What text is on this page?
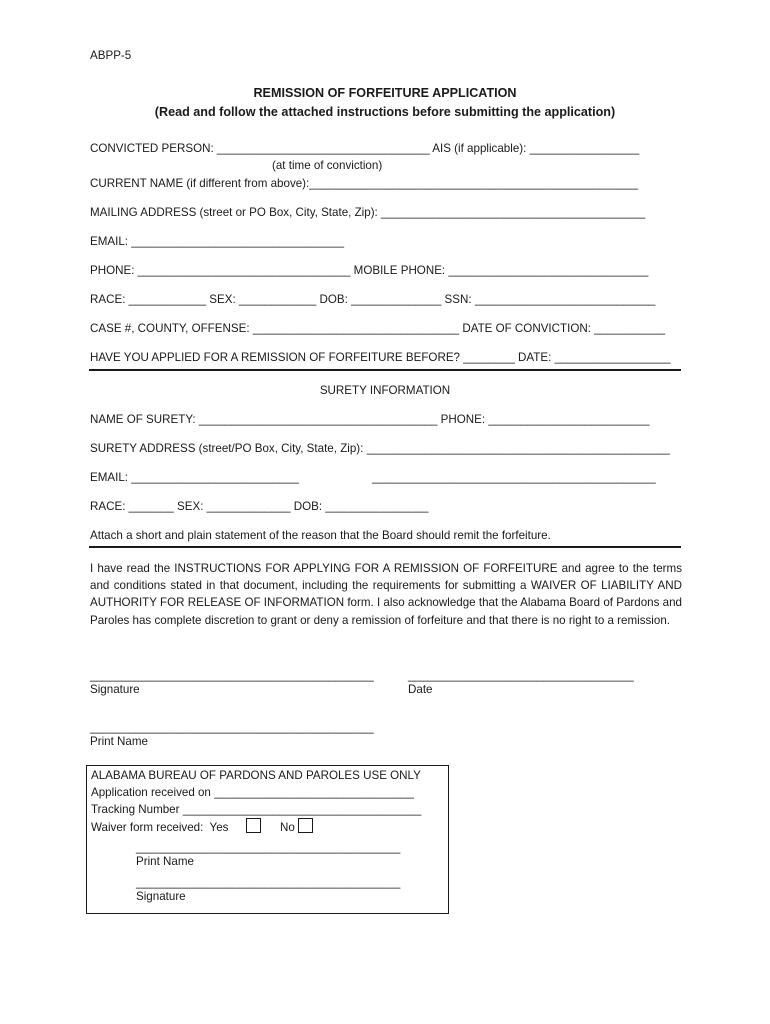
ABPP-5
REMISSION OF FORFEITURE APPLICATION
(Read and follow the attached instructions before submitting the application)
CONVICTED PERSON: _________________________________ AIS (if applicable): _________________
(at time of conviction)
CURRENT NAME (if different from above):___________________________________________________
MAILING ADDRESS (street or PO Box, City, State, Zip): _________________________________________
EMAIL: _________________________________
PHONE: _________________________________ MOBILE PHONE: _______________________________
RACE: ____________ SEX: ____________ DOB: ______________ SSN: ____________________________
CASE #, COUNTY, OFFENSE: ________________________________ DATE OF CONVICTION: ___________
HAVE YOU APPLIED FOR A REMISSION OF FORFEITURE BEFORE? ________ DATE: __________________
SURETY INFORMATION
NAME OF SURETY: _____________________________________ PHONE: _________________________
SURETY ADDRESS (street/PO Box, City, State, Zip): _______________________________________________
EMAIL: __________________________	____________________________________________
RACE: _______ SEX: _____________ DOB: ________________
Attach a short and plain statement of the reason that the Board should remit the forfeiture.
I have read the INSTRUCTIONS FOR APPLYING FOR A REMISSION OF FORFEITURE and agree to the terms and conditions stated in that document, including the requirements for submitting a WAIVER OF LIABILITY AND AUTHORITY FOR RELEASE OF INFORMATION form. I also acknowledge that the Alabama Board of Pardons and Paroles has complete discretion to grant or deny a remission of forfeiture and that there is no right to a remission.
____________________________________________
Signature
___________________________________
Date
____________________________________________
Print Name
ALABAMA BUREAU OF PARDONS AND PAROLES USE ONLY
Application received on _______________________________
Tracking Number _____________________________________
Waiver form received:  Yes	No
_________________________________________
Print Name
_________________________________________
Signature
